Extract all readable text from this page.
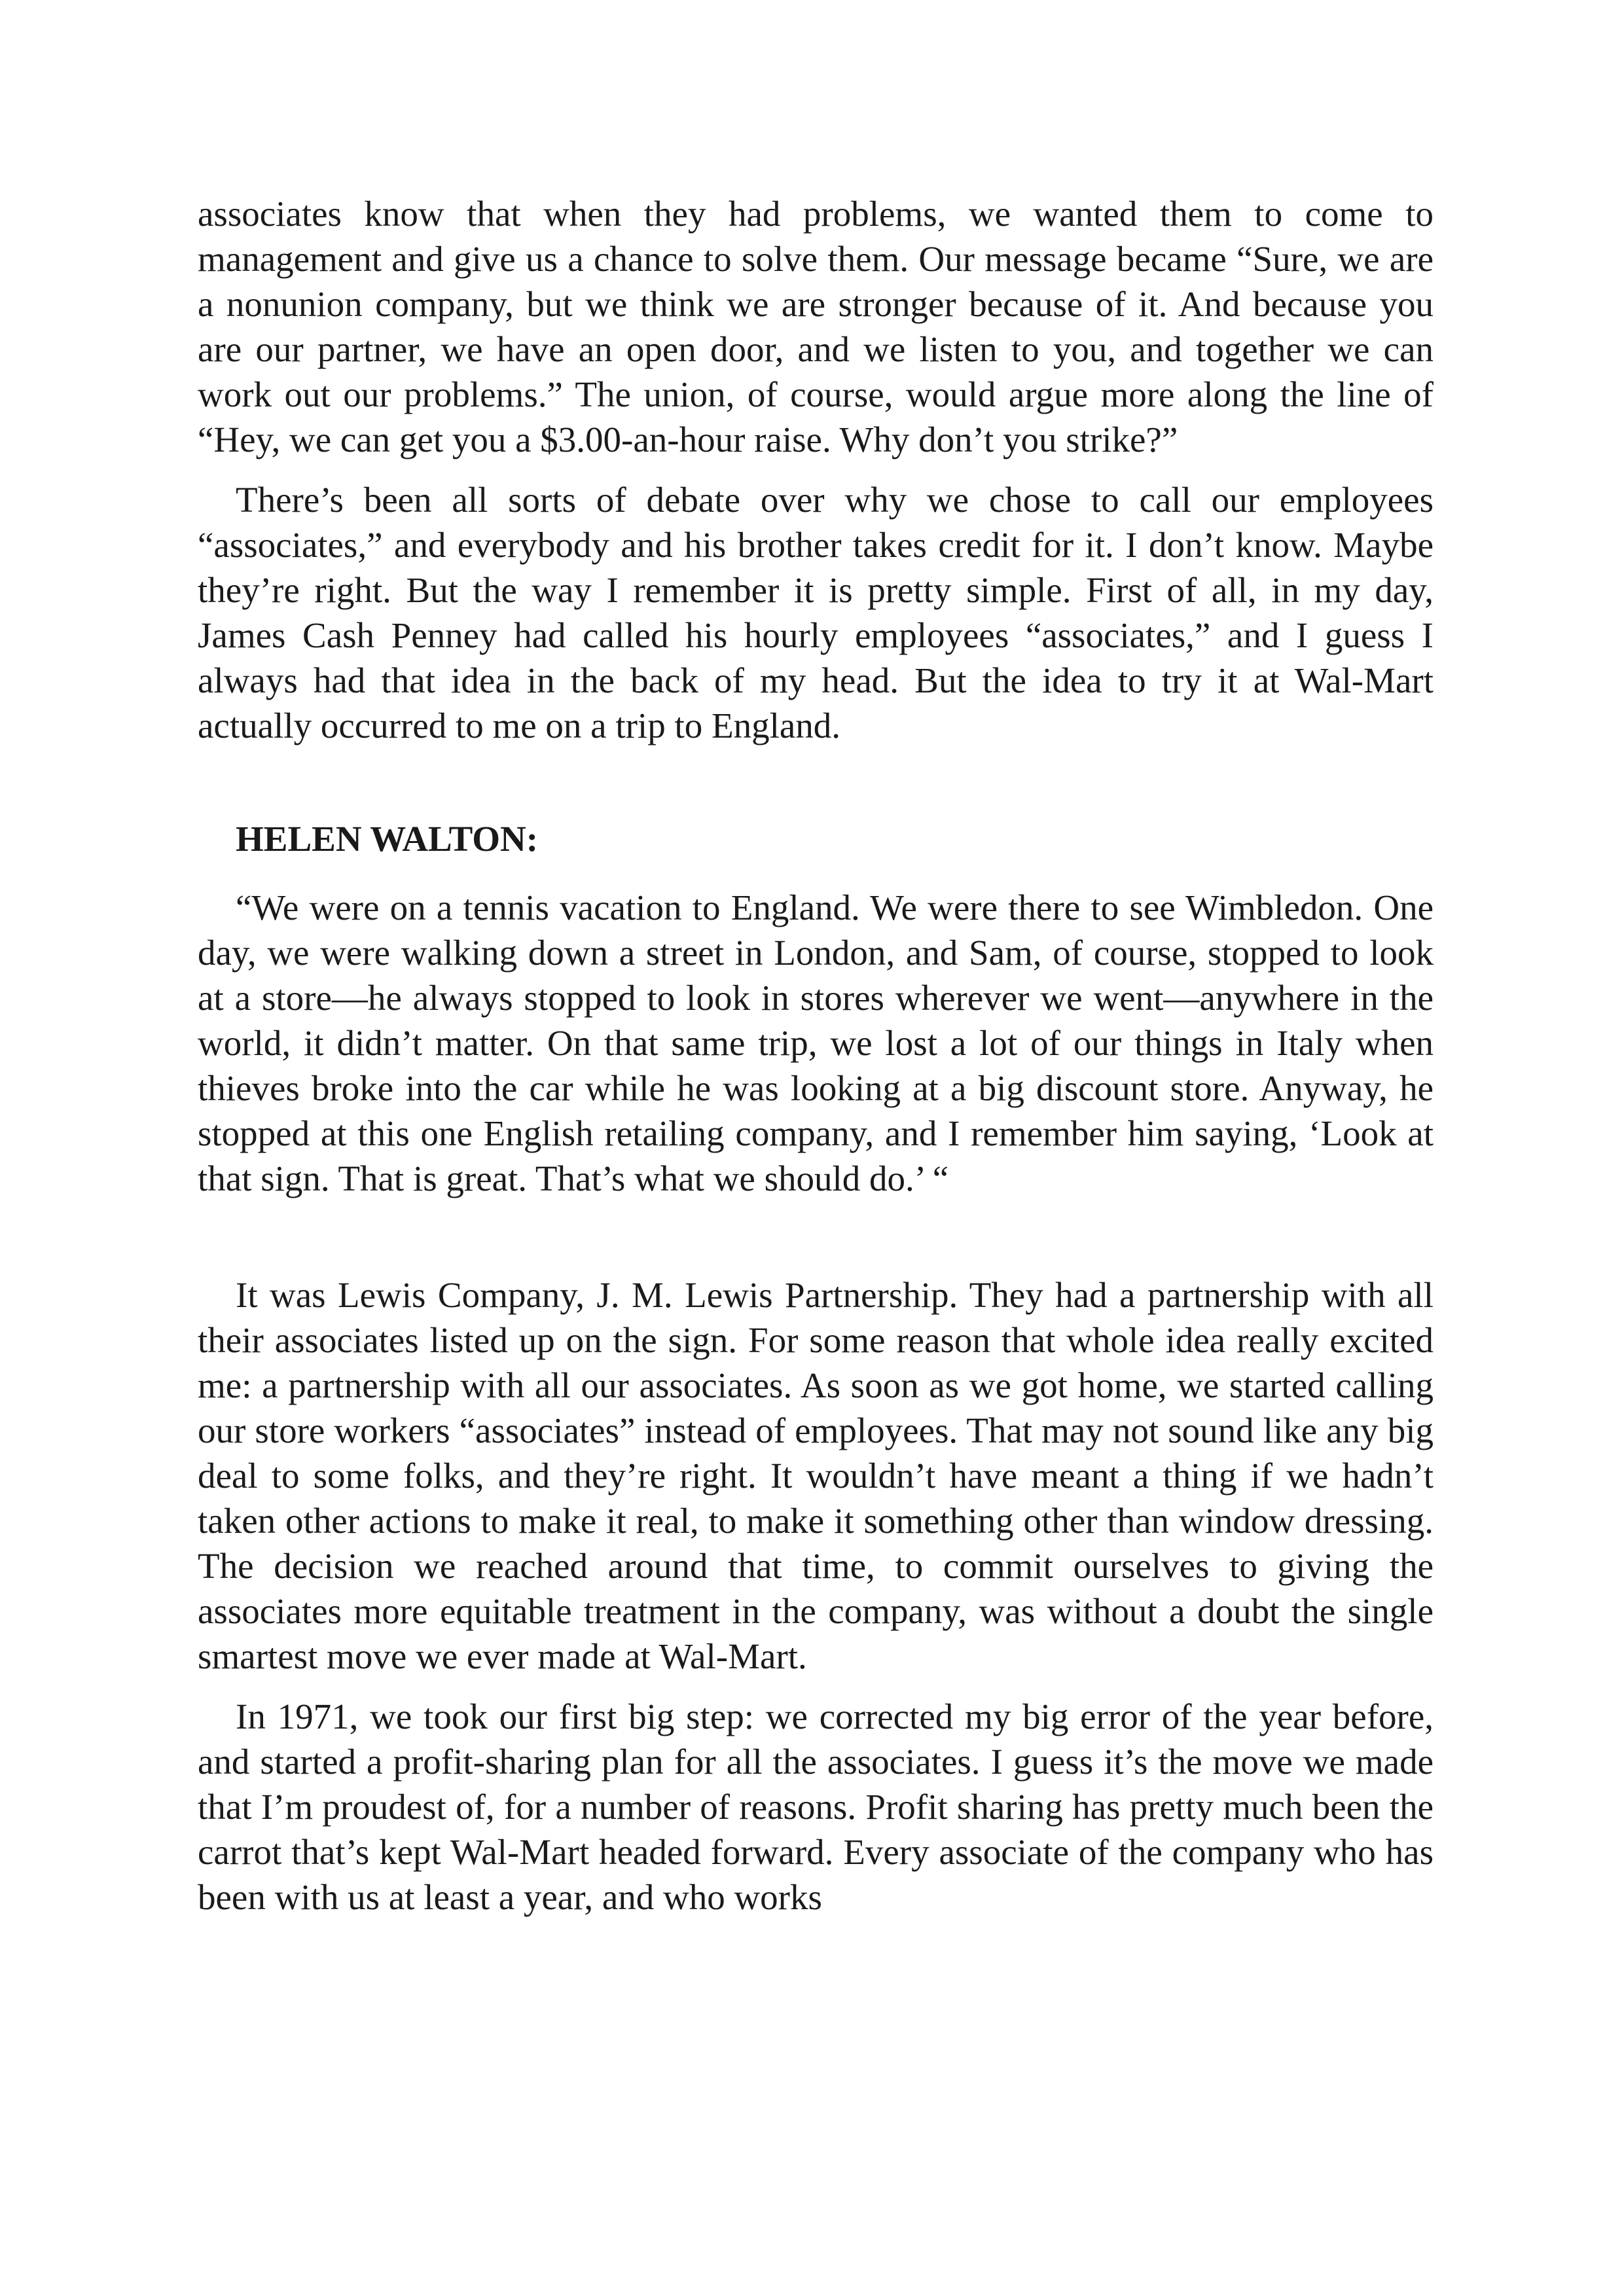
associates know that when they had problems, we wanted them to come to management and give us a chance to solve them. Our message became “Sure, we are a nonunion company, but we think we are stronger because of it. And because you are our partner, we have an open door, and we listen to you, and together we can work out our problems.” The union, of course, would argue more along the line of “Hey, we can get you a $3.00-an-hour raise. Why don’t you strike?”

There’s been all sorts of debate over why we chose to call our employees “associates,” and everybody and his brother takes credit for it. I don’t know. Maybe they’re right. But the way I remember it is pretty simple. First of all, in my day, James Cash Penney had called his hourly employees “associates,” and I guess I always had that idea in the back of my head. But the idea to try it at Wal-Mart actually occurred to me on a trip to England.

HELEN WALTON:

“We were on a tennis vacation to England. We were there to see Wimbledon. One day, we were walking down a street in London, and Sam, of course, stopped to look at a store—he always stopped to look in stores wherever we went—anywhere in the world, it didn’t matter. On that same trip, we lost a lot of our things in Italy when thieves broke into the car while he was looking at a big discount store. Anyway, he stopped at this one English retailing company, and I remember him saying, ‘Look at that sign. That is great. That’s what we should do.’ “

It was Lewis Company, J. M. Lewis Partnership. They had a partnership with all their associates listed up on the sign. For some reason that whole idea really excited me: a partnership with all our associates. As soon as we got home, we started calling our store workers “associates” instead of employees. That may not sound like any big deal to some folks, and they’re right. It wouldn’t have meant a thing if we hadn’t taken other actions to make it real, to make it something other than window dressing. The decision we reached around that time, to commit ourselves to giving the associates more equitable treatment in the company, was without a doubt the single smartest move we ever made at Wal-Mart.

In 1971, we took our first big step: we corrected my big error of the year before, and started a profit-sharing plan for all the associates. I guess it’s the move we made that I’m proudest of, for a number of reasons. Profit sharing has pretty much been the carrot that’s kept Wal-Mart headed forward. Every associate of the company who has been with us at least a year, and who works
